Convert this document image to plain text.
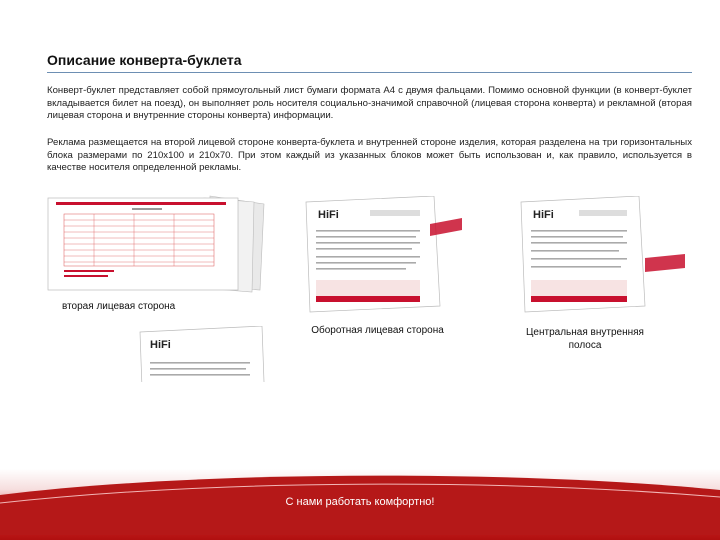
Описание конверта-буклета

Конверт-буклет представляет собой прямоугольный лист бумаги формата А4 с двумя фальцами. Помимо основной функции (в конверт-буклет вкладывается билет на поезд), он выполняет роль носителя социально-значимой справочной (лицевая сторона конверта) и рекламной (вторая лицевая сторона и внутренние стороны конверта) информации.

Реклама размещается на второй лицевой стороне конверта-буклета и внутренней стороне изделия, которая разделена на три горизонтальных блока размерами по 210х100 и 210х70. При этом каждый из указанных блоков может быть использован и, как правило, используется в качестве носителя определенной рекламы.

вторая лицевая сторона
HiFi
Оборотная лицевая сторона
HiFi
Центральная внутренняя полоса
HiFi
С нами работать комфортно!
